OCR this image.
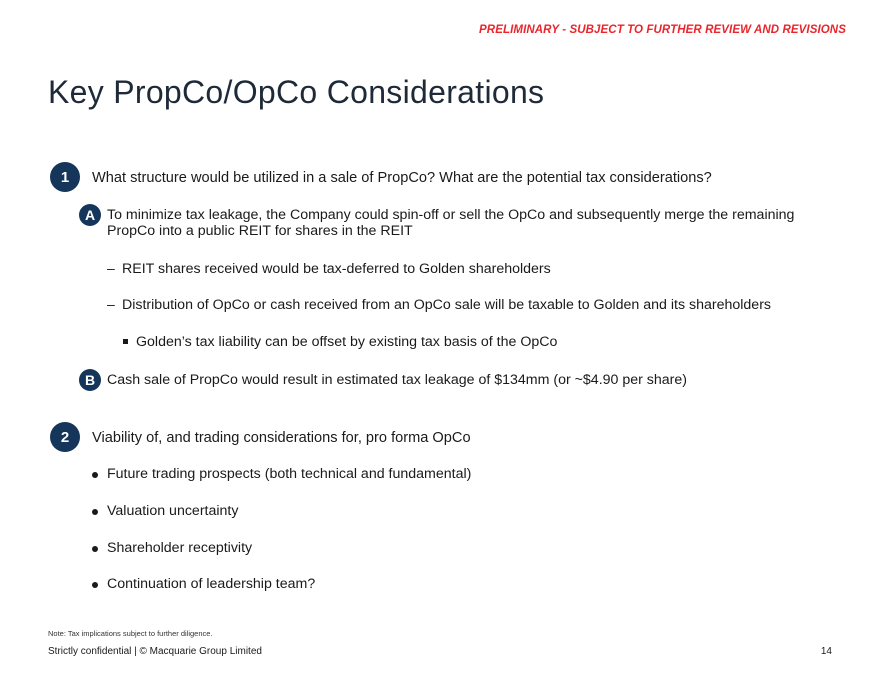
PRELIMINARY - SUBJECT TO FURTHER REVIEW AND REVISIONS
Key PropCo/OpCo Considerations
1	What structure would be utilized in a sale of PropCo? What are the potential tax considerations?
A To minimize tax leakage, the Company could spin-off or sell the OpCo and subsequently merge the remaining
PropCo into a public REIT for shares in the REIT
– REIT shares received would be tax-deferred to Golden shareholders
– Distribution of OpCo or cash received from an OpCo sale will be taxable to Golden and its shareholders
Golden’s tax liability can be offset by existing tax basis of the OpCo
B Cash sale of PropCo would result in estimated tax leakage of $134mm (or ~$4.90 per share)
2	Viability of, and trading considerations for, pro forma OpCo
Future trading prospects (both technical and fundamental)
Valuation uncertainty
Shareholder receptivity
Continuation of leadership team?
Note: Tax implications subject to further diligence.
Strictly confidential | © Macquarie Group Limited	14
